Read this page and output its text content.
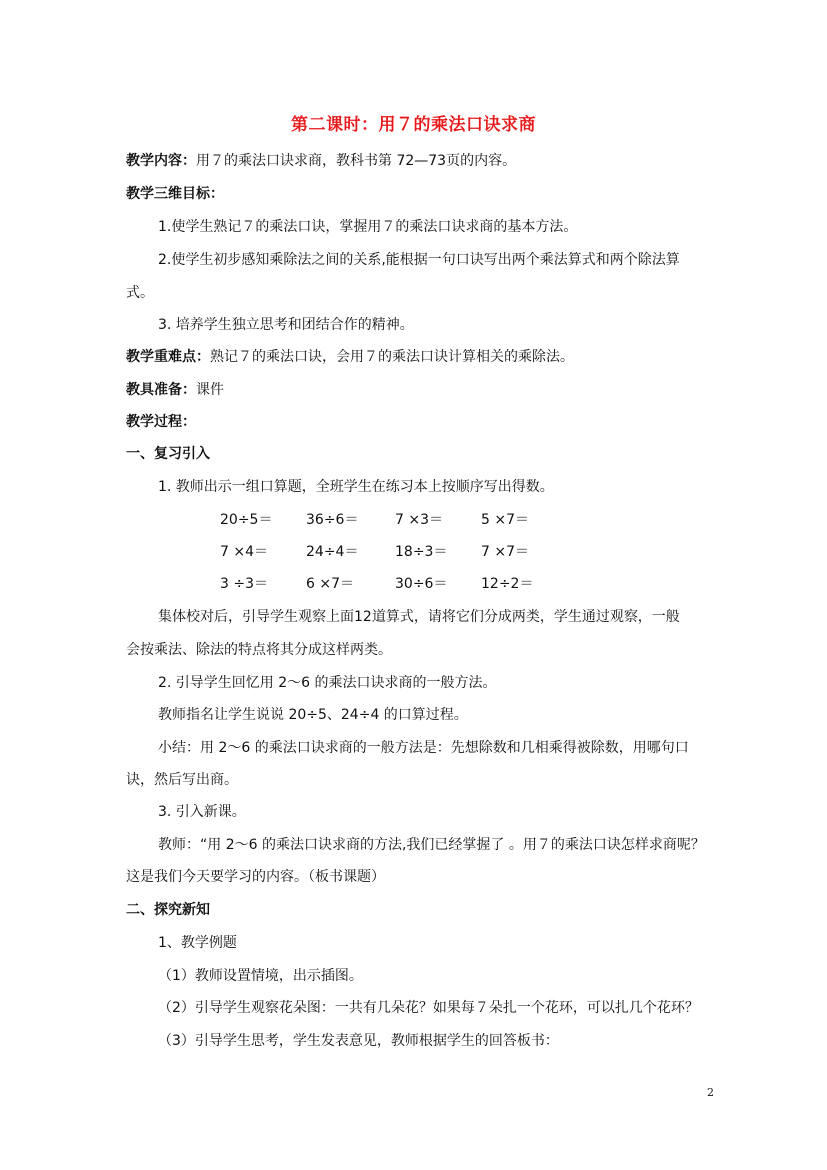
第二课时：用７的乘法口诀求商
教学内容：用７的乘法口诀求商，教科书第 72—73页的内容。
教学三维目标：
1.使学生熟记７的乘法口诀，掌握用７的乘法口诀求商的基本方法。
2.使学生初步感知乘除法之间的关系,能根据一句口诀写出两个乘法算式和两个除法算
式。
3. 培养学生独立思考和团结合作的精神。
教学重难点：熟记７的乘法口诀，会用７的乘法口诀计算相关的乘除法。
教具准备：课件
教学过程：
一、复习引入
1. 教师出示一组口算题，全班学生在练习本上按顺序写出得数。
20÷5＝ 36÷6＝	7 ×3＝	5 ×7＝
7 ×4＝	24÷4＝	18÷3＝ 7 ×7＝
3 ÷3＝	6 ×7＝	30÷6＝ 12÷2＝
集体校对后，引导学生观察上面12道算式，请将它们分成两类，学生通过观察，一般
会按乘法、除法的特点将其分成这样两类。
2. 引导学生回忆用 2～6 的乘法口诀求商的一般方法。
教师指名让学生说说 20÷5、24÷4 的口算过程。
小结：用 2～6 的乘法口诀求商的一般方法是：先想除数和几相乘得被除数，用哪句口
诀，然后写出商。
3. 引入新课。
教师：“用 2～6 的乘法口诀求商的方法,我们已经掌握了 。用７的乘法口诀怎样求商呢？
这是我们今天要学习的内容。（板书课题）
二、探究新知
1、教学例题
（1）教师设置情境，出示插图。
（2）引导学生观察花朵图：一共有几朵花？如果每７朵扎一个花环，可以扎几个花环？
（3）引导学生思考，学生发表意见，教师根据学生的回答板书：
2
